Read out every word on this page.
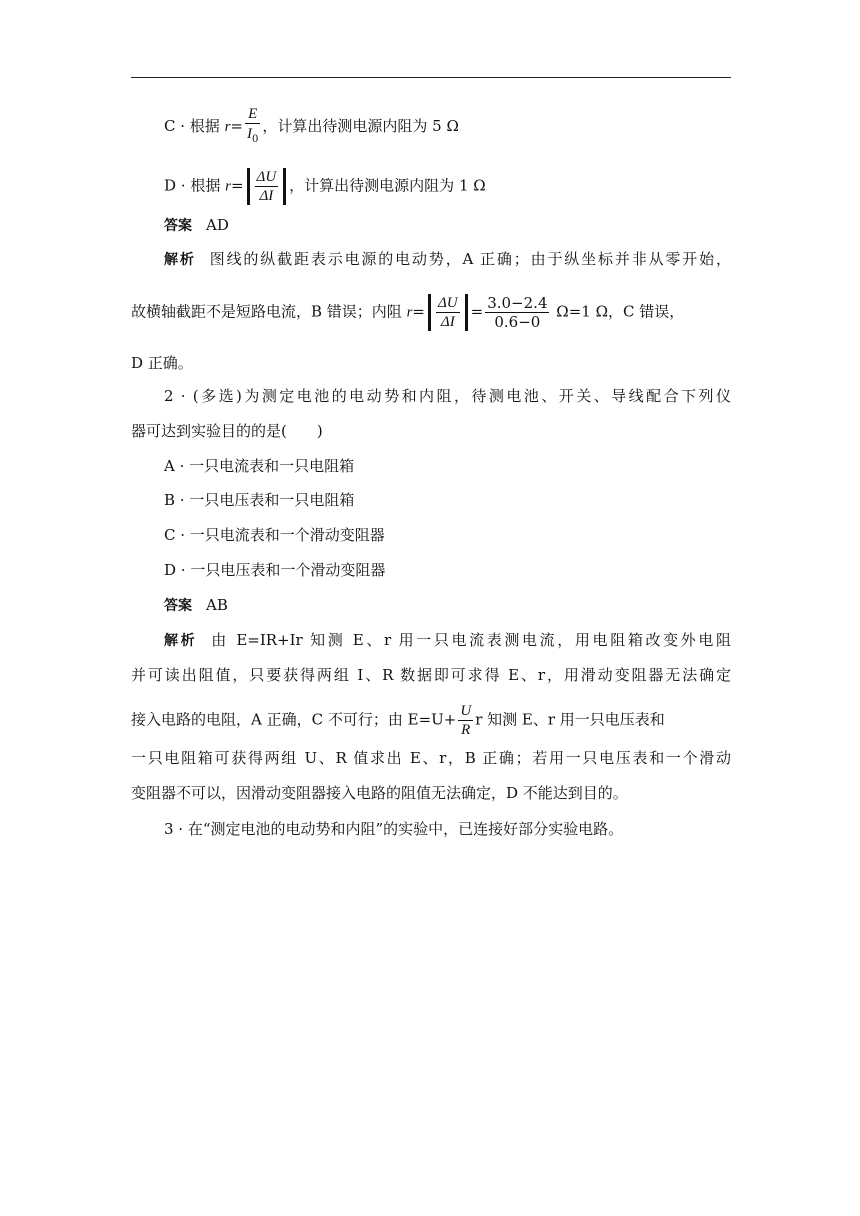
C · 根据 $r= \frac{E}{I_0}$ ，计算出待测电源内阻为 5 Ω
D · 根据 $r= \frac{\Delta U}{\Delta I}$ ，计算出待测电源内阻为 1 Ω
答案 AD
解析 图线的纵截距表示电源的电动势，A 正确；由于纵坐标并非从零开始，
故横轴截距不是短路电流，B 错误；内阻 $r= \frac{\Delta U}{\Delta I} = \frac{3.0-2.4}{0.6-0} \Omega=1$ Ω，C 错误，
D 正确。
2 · (多选)为测定电池的电动势和内阻，待测电池、开关、导线配合下列仪
器可达到实验目的的是(　　)
A · 一只电流表和一只电阻箱
B · 一只电压表和一只电阻箱
C · 一只电流表和一个滑动变阻器
D · 一只电压表和一个滑动变阻器
答案 AB
解析 由 E=IR+Ir 知测 E、r 用一只电流表测电流，用电阻箱改变外电阻
并可读出阻值，只要获得两组 I、R 数据即可求得 E、r，用滑动变阻器无法确定
接入电路的电阻，A 正确，C 不可行；由 $E=U+ \frac{U}{R}$ r 知测 E、r 用一只电压表和
一只电阻箱可获得两组 U、R 值求出 E、r，B 正确；若用一只电压表和一个滑动
变阻器不可以，因滑动变阻器接入电路的阻值无法确定，D 不能达到目的。
3 · 在“测定电池的电动势和内阻”的实验中，已连接好部分实验电路。
